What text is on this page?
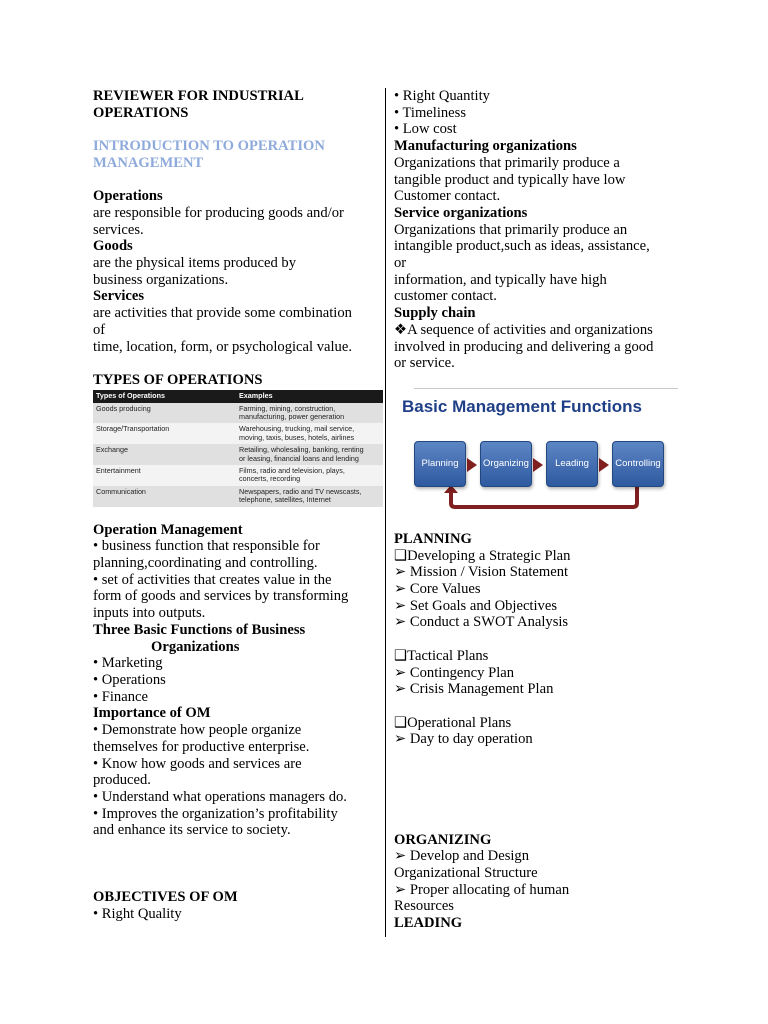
REVIEWER FOR INDUSTRIAL
OPERATIONS

INTRODUCTION TO OPERATION
MANAGEMENT

Operations

are responsible for producing goods and/or
services.

Goods

are the physical items produced by
business organizations.

Services

are activities that provide some combination
of
time, location, form, or psychological value.

TYPES OF OPERATIONS

Types of Operations	Examples
Goods producing	Farming, mining, construction,
manufacturing, power generation
Storage/Transportation	Warehousing, trucking, mail service,
moving, taxis, buses, hotels, airlines
Exchange	Retailing, wholesaling, banking, renting
or leasing, financial loans and lending
Entertainment	Films, radio and television, plays,
concerts, recording
Communication	Newspapers, radio and TV newscasts,
telephone, satellites, Internet

Operation Management

• business function that responsible for
planning,coordinating and controlling.
• set of activities that creates value in the
form of goods and services by transforming
inputs into outputs.

Three Basic Functions of Business

Organizations

• Marketing
• Operations
• Finance

Importance of OM

• Demonstrate how people organize
themselves for productive enterprise.
• Know how goods and services are
produced.
• Understand what operations managers do.
• Improves the organization’s profitability
and enhance its service to society.

OBJECTIVES OF OM

• Right Quality

• Right Quantity
• Timeliness
• Low cost

Manufacturing organizations

Organizations that primarily produce a
tangible product and typically have low
Customer contact.

Service organizations

Organizations that primarily produce an
intangible product,such as ideas, assistance,
or
information, and typically have high
customer contact.

Supply chain

❖A sequence of activities and organizations
involved in producing and delivering a good
or service.

Basic Management Functions
Planning	Organizing	Leading	Controlling

PLANNING

❑Developing a Strategic Plan
➢ Mission / Vision Statement
➢ Core Values
➢ Set Goals and Objectives
➢ Conduct a SWOT Analysis

❑Tactical Plans
➢ Contingency Plan
➢ Crisis Management Plan

❑Operational Plans
➢ Day to day operation

ORGANIZING

➢ Develop and Design
Organizational Structure
➢ Proper allocating of human
Resources

LEADING
